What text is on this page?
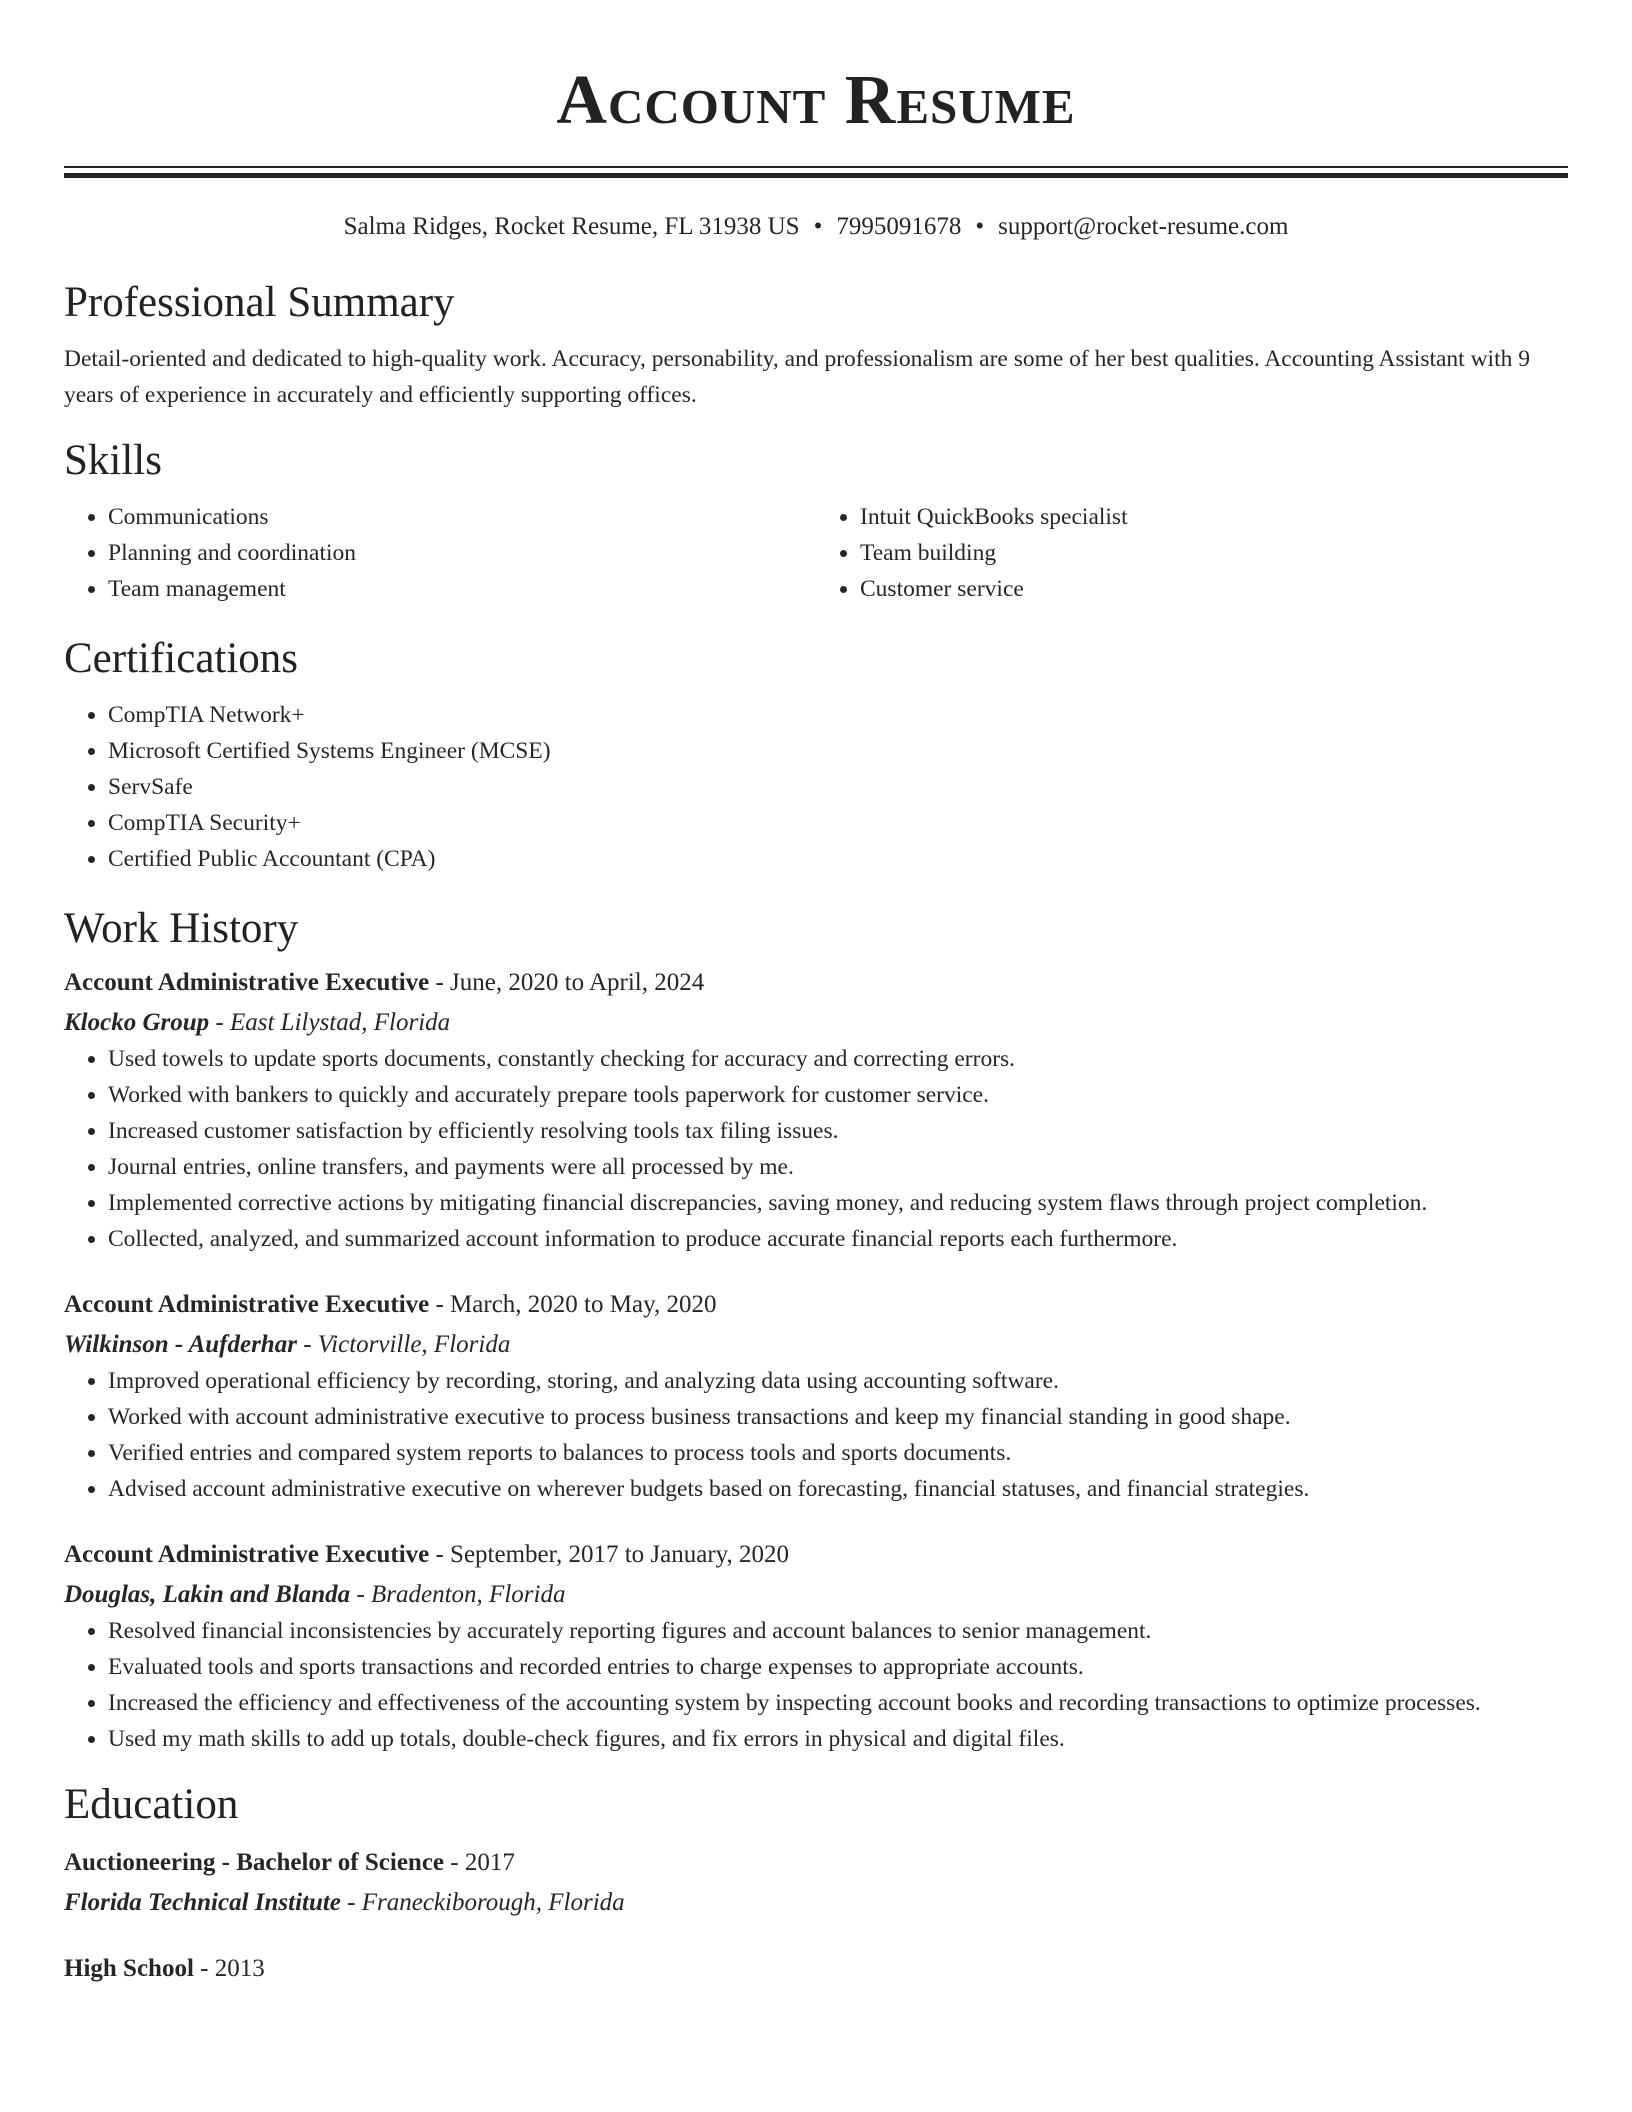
Account Resume
Salma Ridges, Rocket Resume, FL 31938 US • 7995091678 • support@rocket-resume.com
Professional Summary

Detail-oriented and dedicated to high-quality work. Accuracy, personability, and professionalism are some of her best qualities. Accounting Assistant with 9 years of experience in accurately and efficiently supporting offices.

Skills
• Communications
• Planning and coordination
• Team management
• Intuit QuickBooks specialist
• Team building
• Customer service
Certifications
• CompTIA Network+
• Microsoft Certified Systems Engineer (MCSE)
• ServSafe
• CompTIA Security+
• Certified Public Accountant (CPA)
Work History
Account Administrative Executive - June, 2020 to April, 2024
Klocko Group - East Lilystad, Florida
• Used towels to update sports documents, constantly checking for accuracy and correcting errors.
• Worked with bankers to quickly and accurately prepare tools paperwork for customer service.
• Increased customer satisfaction by efficiently resolving tools tax filing issues.
• Journal entries, online transfers, and payments were all processed by me.
• Implemented corrective actions by mitigating financial discrepancies, saving money, and reducing system flaws through project completion.
• Collected, analyzed, and summarized account information to produce accurate financial reports each furthermore.
Account Administrative Executive - March, 2020 to May, 2020
Wilkinson - Aufderhar - Victorville, Florida
• Improved operational efficiency by recording, storing, and analyzing data using accounting software.
• Worked with account administrative executive to process business transactions and keep my financial standing in good shape.
• Verified entries and compared system reports to balances to process tools and sports documents.
• Advised account administrative executive on wherever budgets based on forecasting, financial statuses, and financial strategies.
Account Administrative Executive - September, 2017 to January, 2020
Douglas, Lakin and Blanda - Bradenton, Florida
• Resolved financial inconsistencies by accurately reporting figures and account balances to senior management.
• Evaluated tools and sports transactions and recorded entries to charge expenses to appropriate accounts.
• Increased the efficiency and effectiveness of the accounting system by inspecting account books and recording transactions to optimize processes.
• Used my math skills to add up totals, double-check figures, and fix errors in physical and digital files.
Education
Auctioneering - Bachelor of Science - 2017
Florida Technical Institute - Franeckiborough, Florida
High School - 2013
